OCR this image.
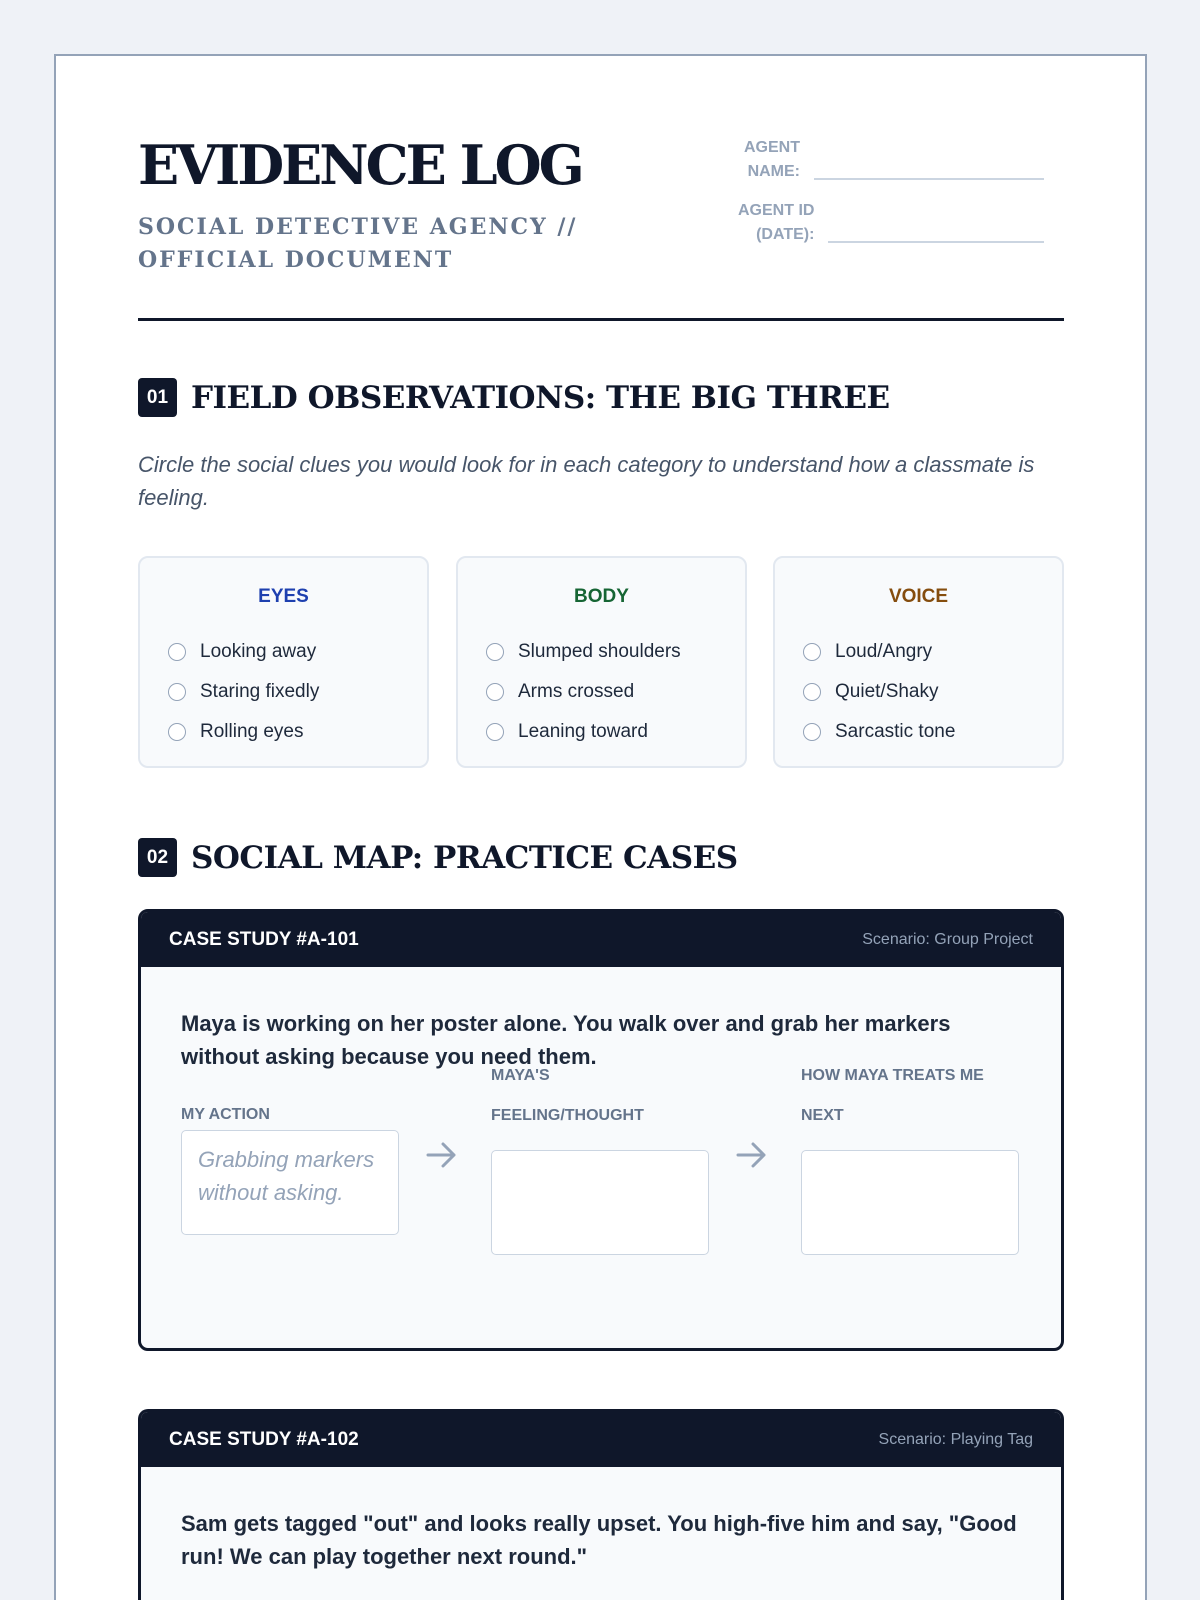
EVIDENCE LOG
SOCIAL DETECTIVE AGENCY // OFFICIAL DOCUMENT
AGENT
NAME:
AGENT ID
(DATE):
01 FIELD OBSERVATIONS: THE BIG THREE
Circle the social clues you would look for in each category to understand how a classmate is feeling.
EYES
Looking away
Staring fixedly
Rolling eyes
BODY
Slumped shoulders
Arms crossed
Leaning toward
VOICE
Loud/Angry
Quiet/Shaky
Sarcastic tone
02 SOCIAL MAP: PRACTICE CASES
CASE STUDY #A-101	Scenario: Group Project
Maya is working on her poster alone. You walk over and grab her markers without asking because you need them.
MY ACTION
Grabbing markers without asking.
MAYA'S
FEELING/THOUGHT
HOW MAYA TREATS ME
NEXT
CASE STUDY #A-102	Scenario: Playing Tag
Sam gets tagged "out" and looks really upset. You high-five him and say, "Good run! We can play together next round."
